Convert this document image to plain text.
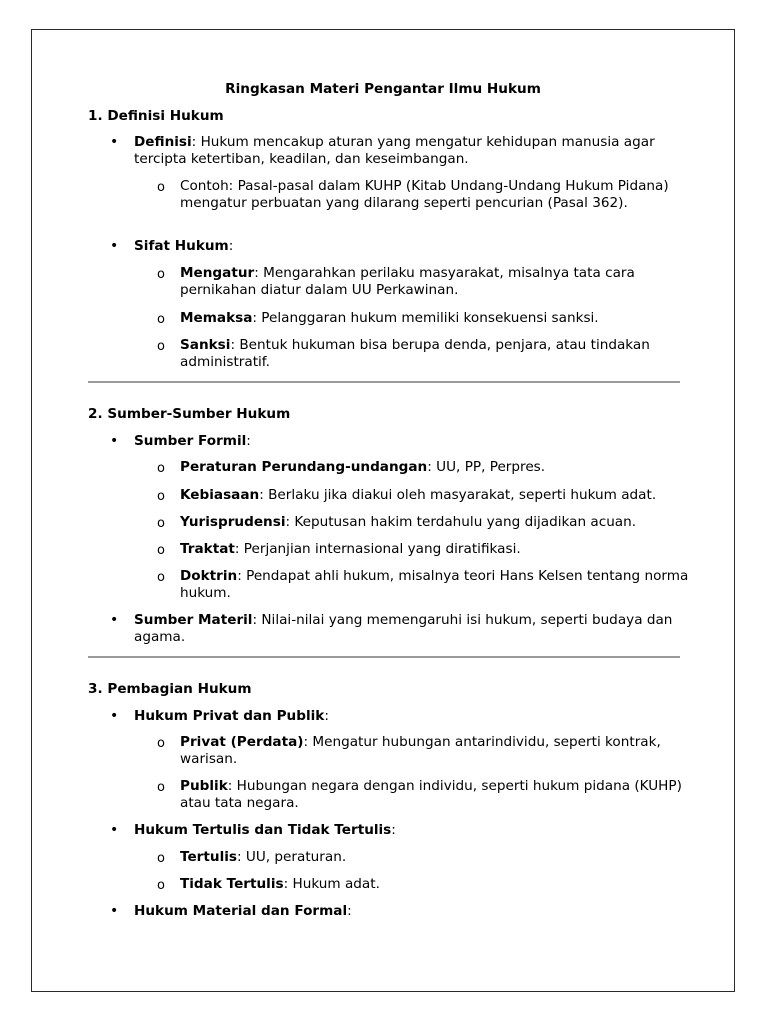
Ringkasan Materi Pengantar Ilmu Hukum
1. Definisi Hukum
• Definisi: Hukum mencakup aturan yang mengatur kehidupan manusia agar tercipta ketertiban, keadilan, dan keseimbangan.
o Contoh: Pasal-pasal dalam KUHP (Kitab Undang-Undang Hukum Pidana) mengatur perbuatan yang dilarang seperti pencurian (Pasal 362).
• Sifat Hukum:
o Mengatur: Mengarahkan perilaku masyarakat, misalnya tata cara pernikahan diatur dalam UU Perkawinan.
o Memaksa: Pelanggaran hukum memiliki konsekuensi sanksi.
o Sanksi: Bentuk hukuman bisa berupa denda, penjara, atau tindakan administratif.
2. Sumber-Sumber Hukum
• Sumber Formil:
o Peraturan Perundang-undangan: UU, PP, Perpres.
o Kebiasaan: Berlaku jika diakui oleh masyarakat, seperti hukum adat.
o Yurisprudensi: Keputusan hakim terdahulu yang dijadikan acuan.
o Traktat: Perjanjian internasional yang diratifikasi.
o Doktrin: Pendapat ahli hukum, misalnya teori Hans Kelsen tentang norma hukum.
• Sumber Materil: Nilai-nilai yang memengaruhi isi hukum, seperti budaya dan agama.
3. Pembagian Hukum
• Hukum Privat dan Publik:
o Privat (Perdata): Mengatur hubungan antarindividu, seperti kontrak, warisan.
o Publik: Hubungan negara dengan individu, seperti hukum pidana (KUHP) atau tata negara.
• Hukum Tertulis dan Tidak Tertulis:
o Tertulis: UU, peraturan.
o Tidak Tertulis: Hukum adat.
• Hukum Material dan Formal:
